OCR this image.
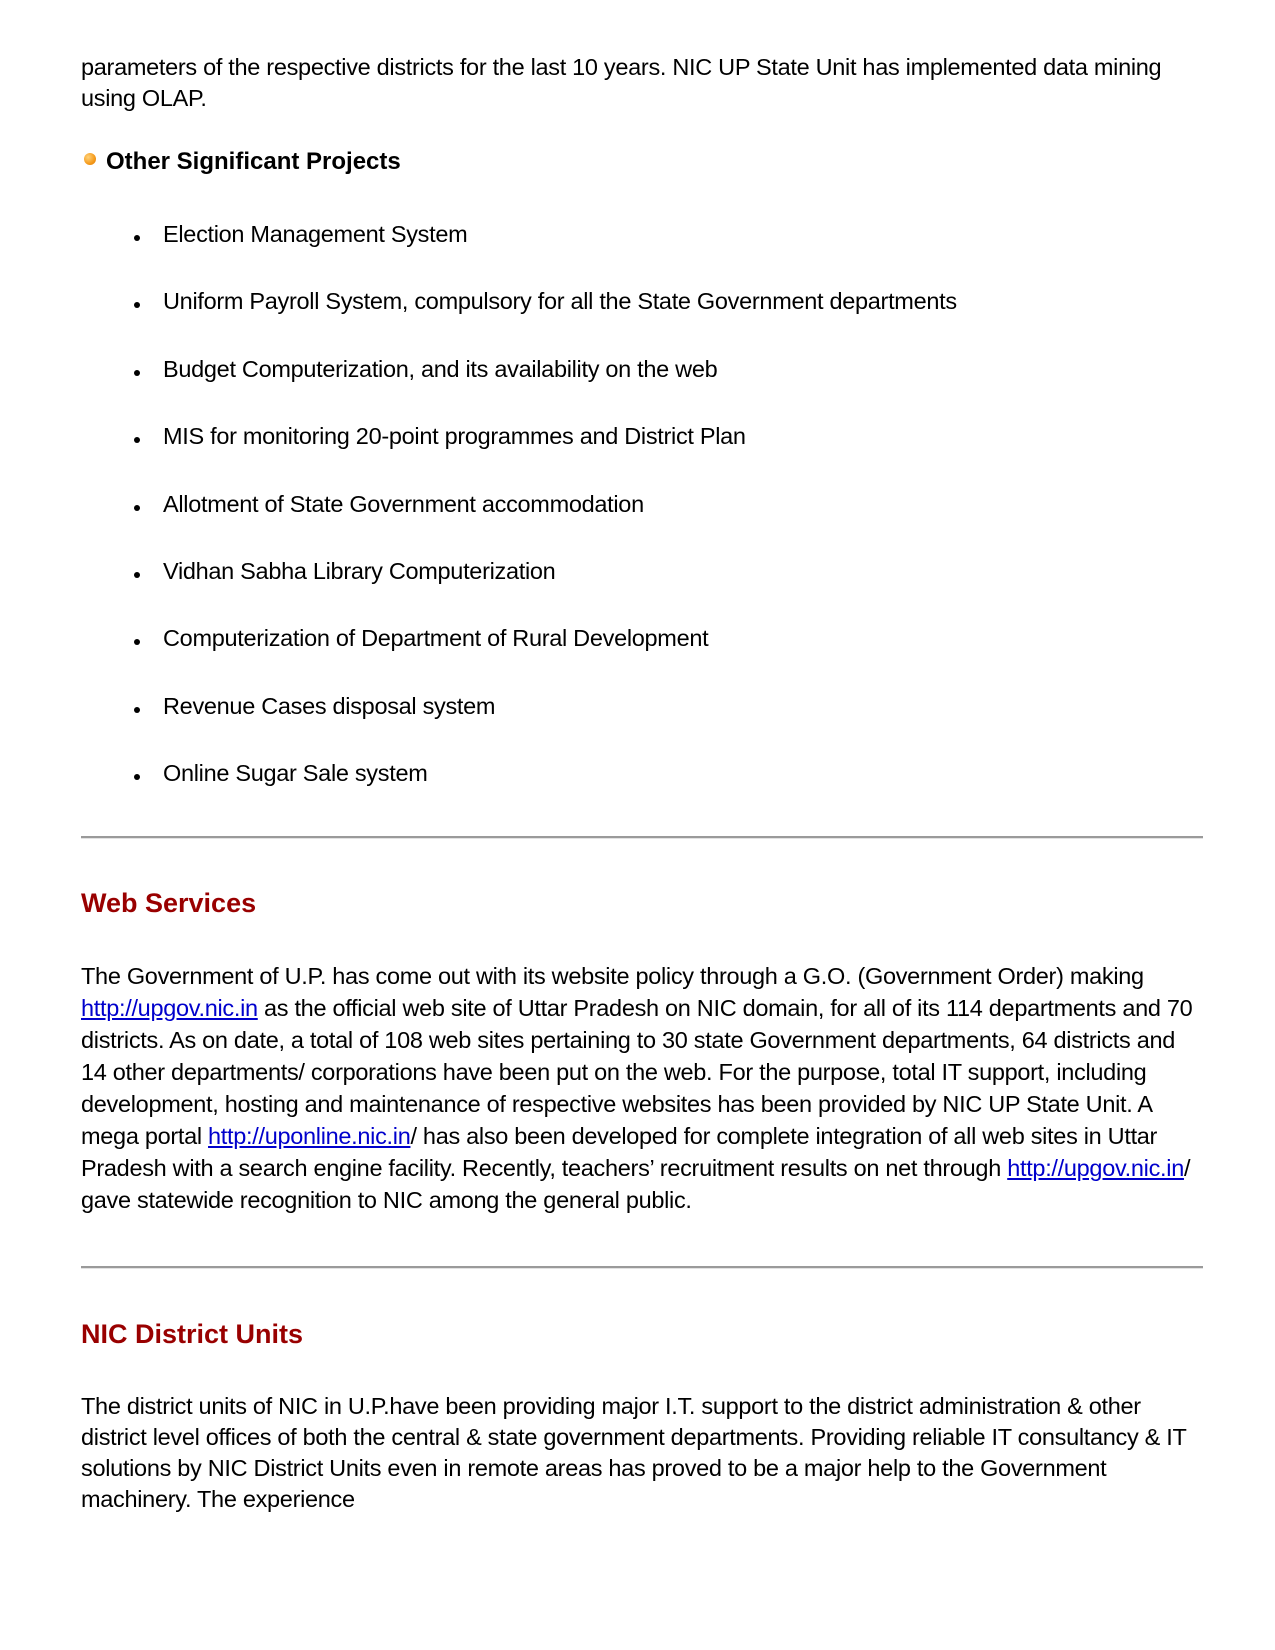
parameters of the respective districts for the last 10 years. NIC UP State Unit has implemented data mining using OLAP.

Other Significant Projects
Election Management System
Uniform Payroll System, compulsory for all the State Government departments
Budget Computerization, and its availability on the web
MIS for monitoring 20-point programmes and District Plan
Allotment of State Government accommodation
Vidhan Sabha Library Computerization
Computerization of Department of Rural Development
Revenue Cases disposal system
Online Sugar Sale system
Web Services

The Government of U.P. has come out with its website policy through a G.O. (Government Order) making http://upgov.nic.in as the official web site of Uttar Pradesh on NIC domain, for all of its 114 departments and 70 districts. As on date, a total of 108 web sites pertaining to 30 state Government departments, 64 districts and 14 other departments/ corporations have been put on the web. For the purpose, total IT support, including development, hosting and maintenance of respective websites has been provided by NIC UP State Unit. A mega portal http://uponline.nic.in/ has also been developed for complete integration of all web sites in Uttar Pradesh with a search engine facility. Recently, teachers’ recruitment results on net through http://upgov.nic.in/ gave statewide recognition to NIC among the general public.

NIC District Units

The district units of NIC in U.P.have been providing major I.T. support to the district administration & other district level offices of both the central & state government departments. Providing reliable IT consultancy & IT solutions by NIC District Units even in remote areas has proved to be a major help to the Government machinery. The experience
